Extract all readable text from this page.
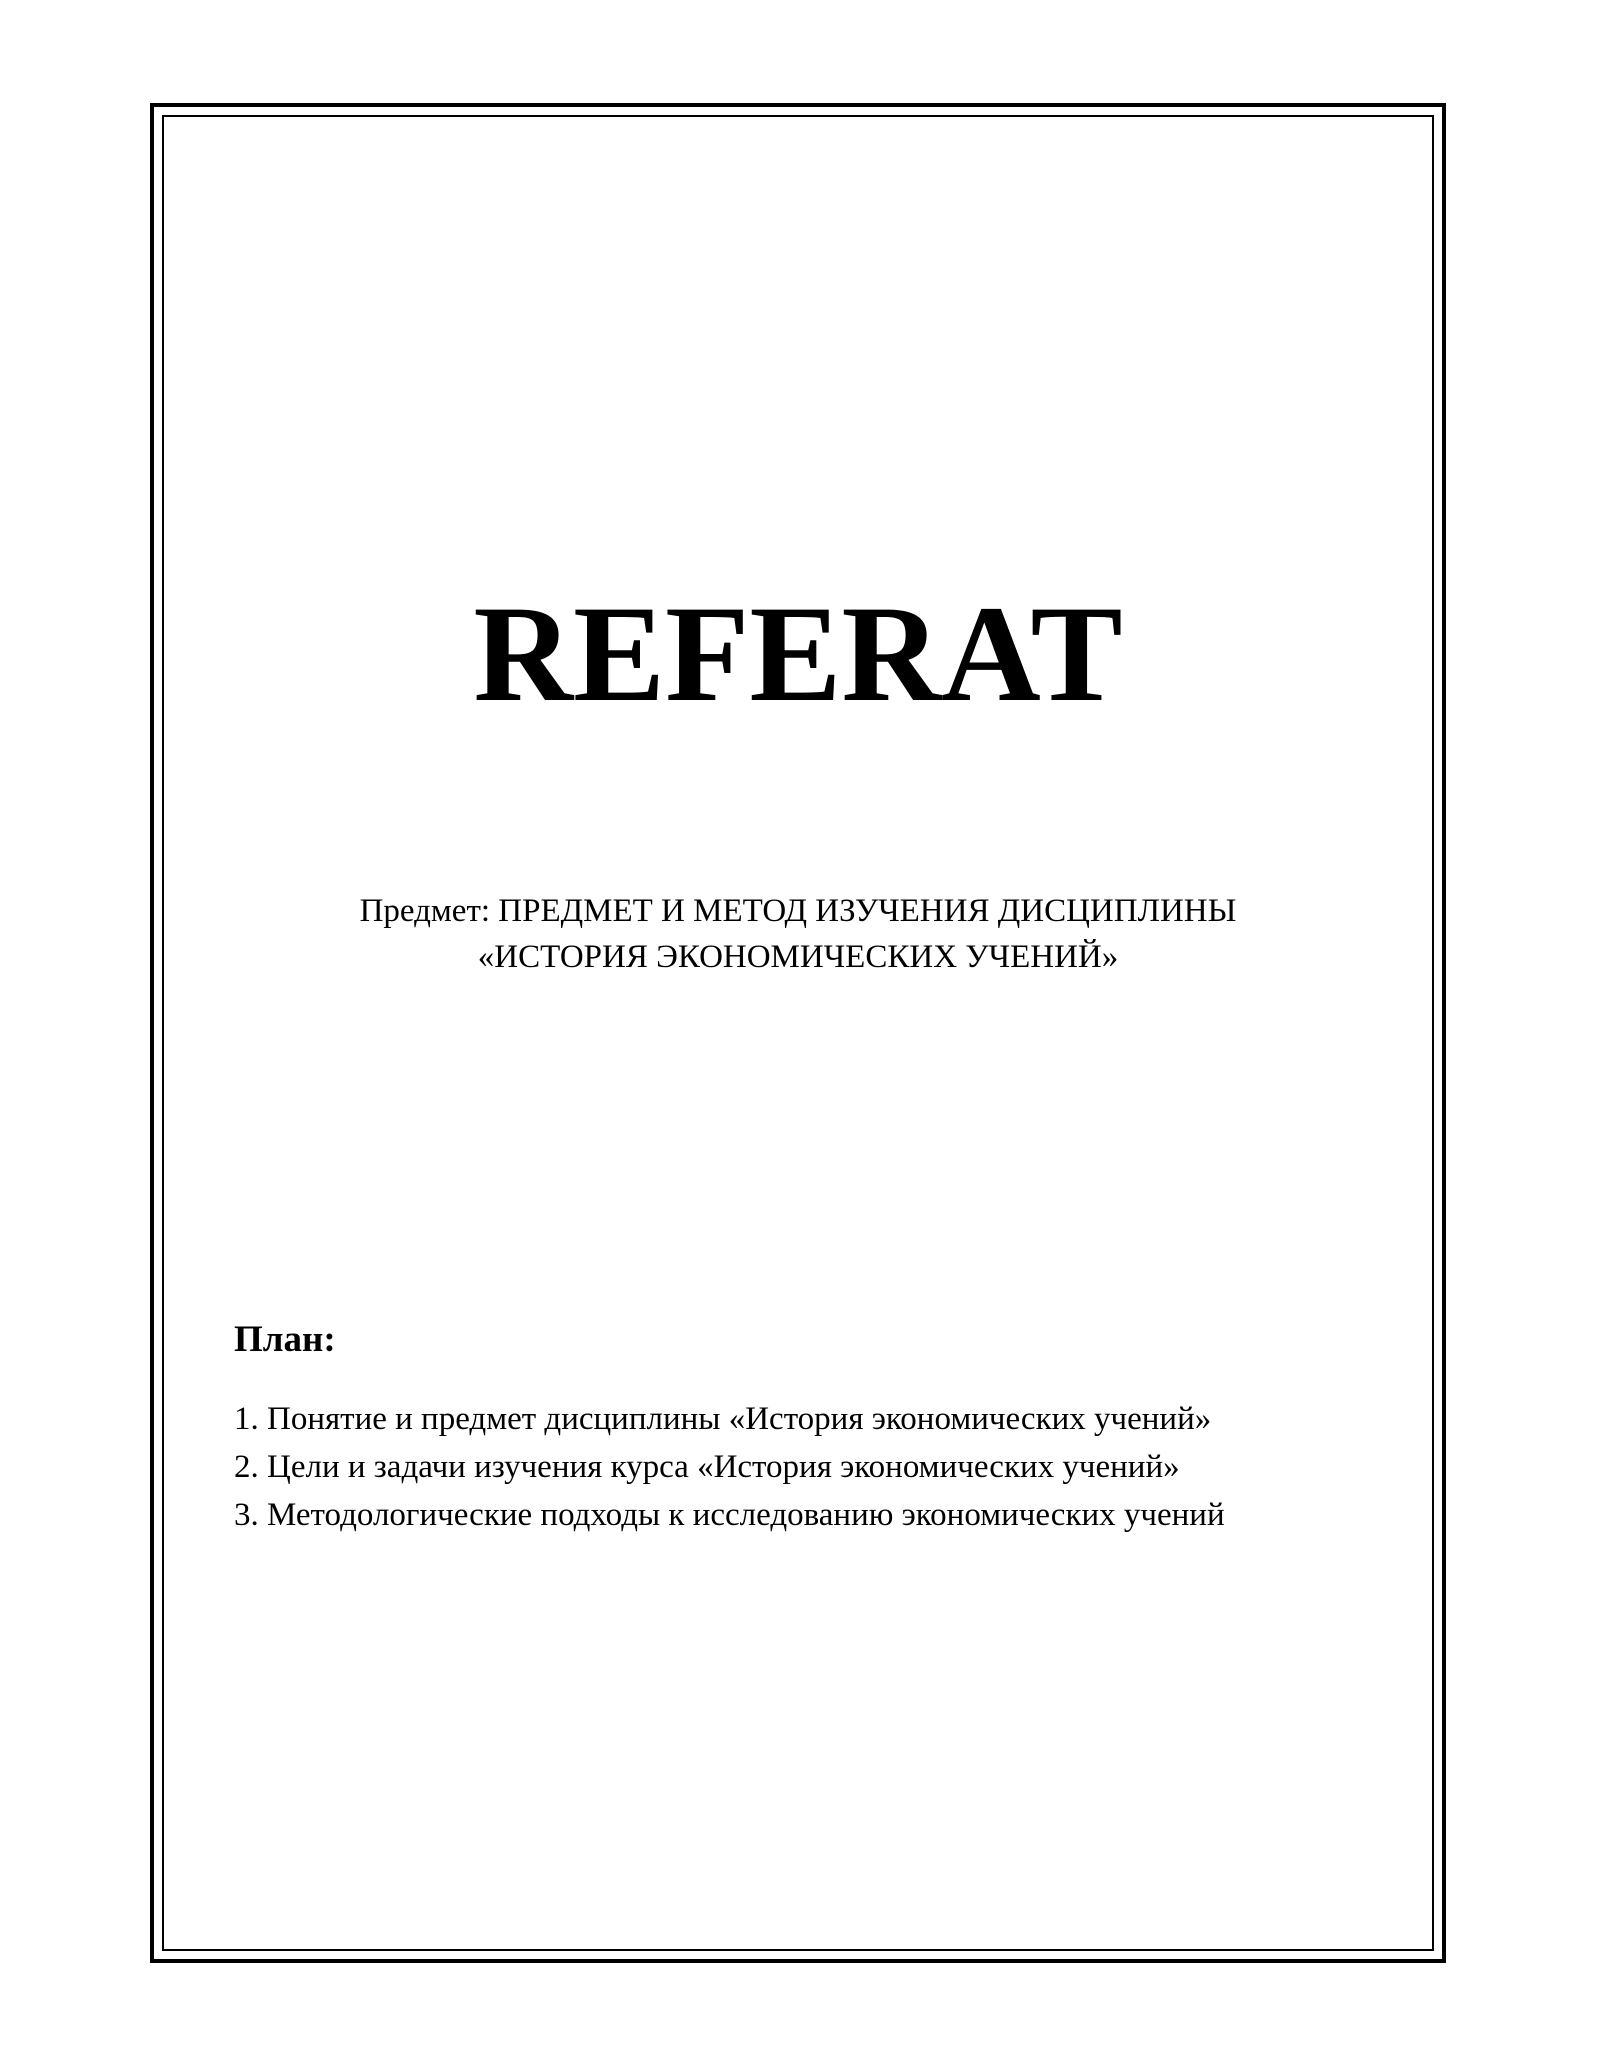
REFERAT
Предмет: ПРЕДМЕТ И МЕТОД ИЗУЧЕНИЯ ДИСЦИПЛИНЫ
«ИСТОРИЯ ЭКОНОМИЧЕСКИХ УЧЕНИЙ»
План:
1. Понятие и предмет дисциплины «История экономических учений»
2. Цели и задачи изучения курса «История экономических учений»
3. Методологические подходы к исследованию экономических учений
